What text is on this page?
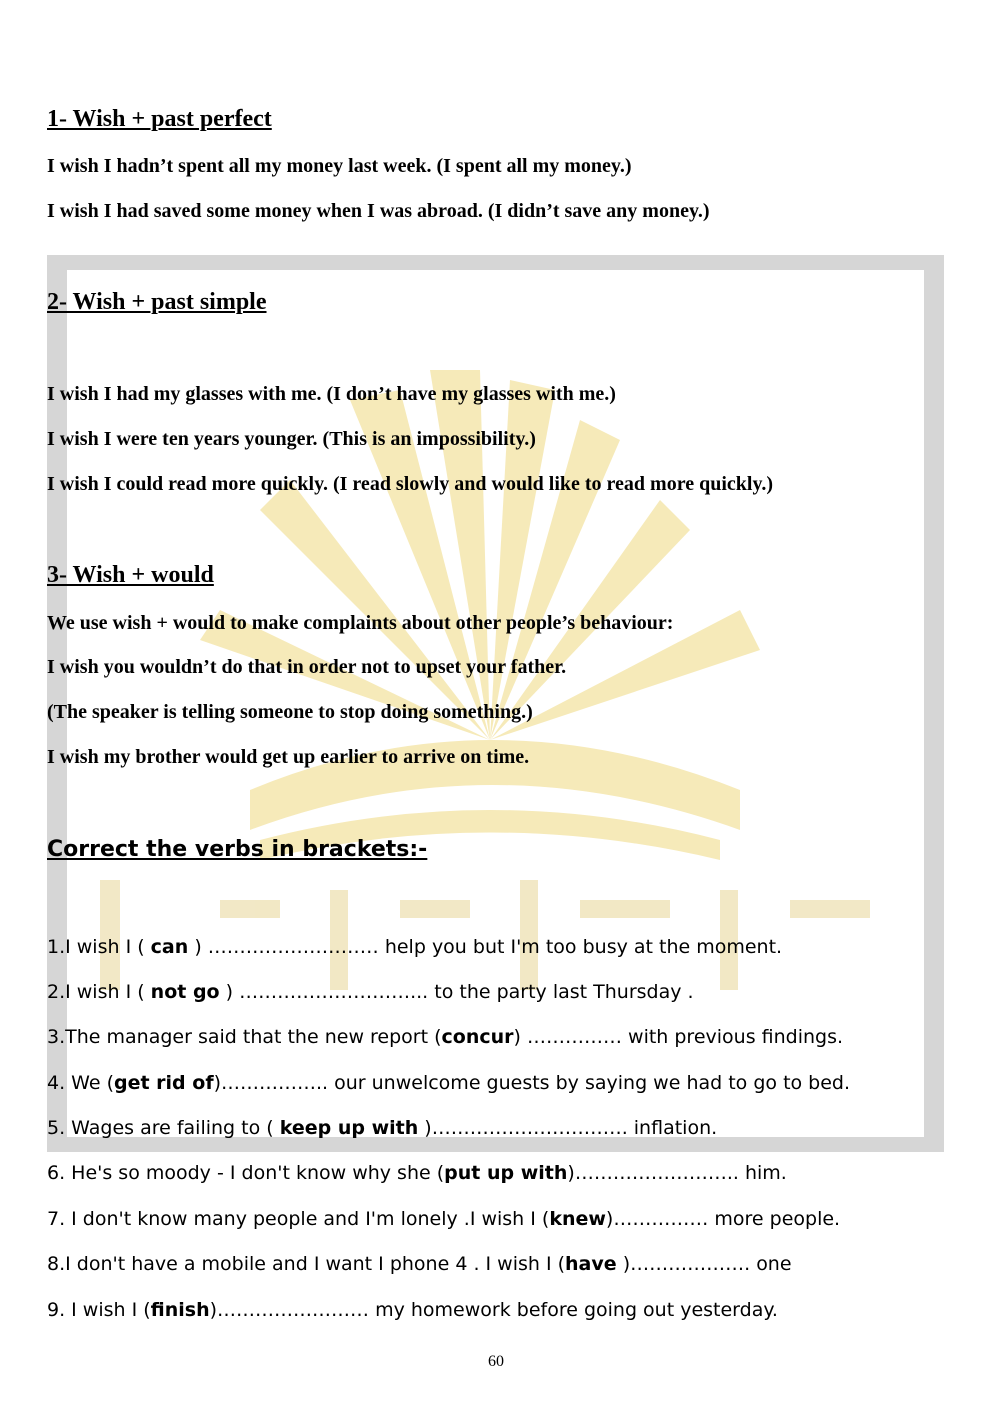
1- Wish + past perfect
I wish I hadn’t spent all my money last week. (I spent all my money.)
I wish I had saved some money when I was abroad. (I didn’t save any money.)
2- Wish + past simple
I wish I had my glasses with me. (I don’t have my glasses with me.)
I wish I were ten years younger. (This is an impossibility.)
I wish I could read more quickly. (I read slowly and would like to read more quickly.)
3- Wish + would
We use wish + would to make complaints about other people’s behaviour:
I wish you wouldn’t do that in order not to upset your father.
(The speaker is telling someone to stop doing something.)
I wish my brother would get up earlier to arrive on time.
Correct the verbs in brackets:-
1.I wish I ( can ) ……………………… help you but I'm too busy at the moment.
2.I wish I ( not go ) ………………………... to the party last Thursday .
3.The manager said that the new report (concur) …………… with previous findings.
4. We (get rid of)…………….. our unwelcome guests by saying we had to go to bed.
5. Wages are failing to ( keep up with )…………………………. inflation.
6. He's so moody - I don't know why she (put up with)…………………….. him.
7. I don't know many people and I'm lonely .I wish I (knew)…………… more people.
8.I don't have a mobile and I want I phone 4 . I wish I (have )………………. one
9. I wish I (finish)…………………… my homework before going out yesterday.
60
